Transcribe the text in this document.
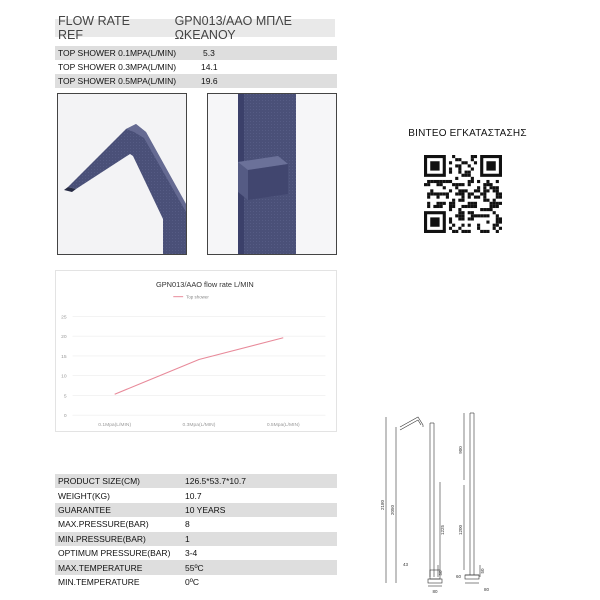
FLOW RATE REF
GPN013/AAO ΜΠΛΕ ΩΚΕΑΝΟΥ
TOP SHOWER 0.1MPA(L/MIN)	5.3
TOP SHOWER 0.3MPA(L/MIN)	14.1
TOP SHOWER 0.5MPA(L/MIN)	19.6
ΒΙΝΤΕΟ ΕΓΚΑΤΑΣΤΑΣΗΣ
GPN013/AAO flow rate L/MIN
Top shower
0
5
10
15
20
25
0.1Mpa(L/MIN)	0.3Mpa(L/MIN)	0.5Mpa(L/MIN)
PRODUCT SIZE(CM)	126.5*53.7*10.7
WEIGHT(KG)	10.7
GUARANTEE	10 YEARS
MAX.PRESSURE(BAR)	8
MIN.PRESSURE(BAR)	1
OPTIMUM PRESSURE(BAR)	3-4
MAX.TEMPERATURE	55ºC
MIN.TEMPERATURE	0ºC
2180 2050
1225
43
50
80
900
1200
60
50
80
